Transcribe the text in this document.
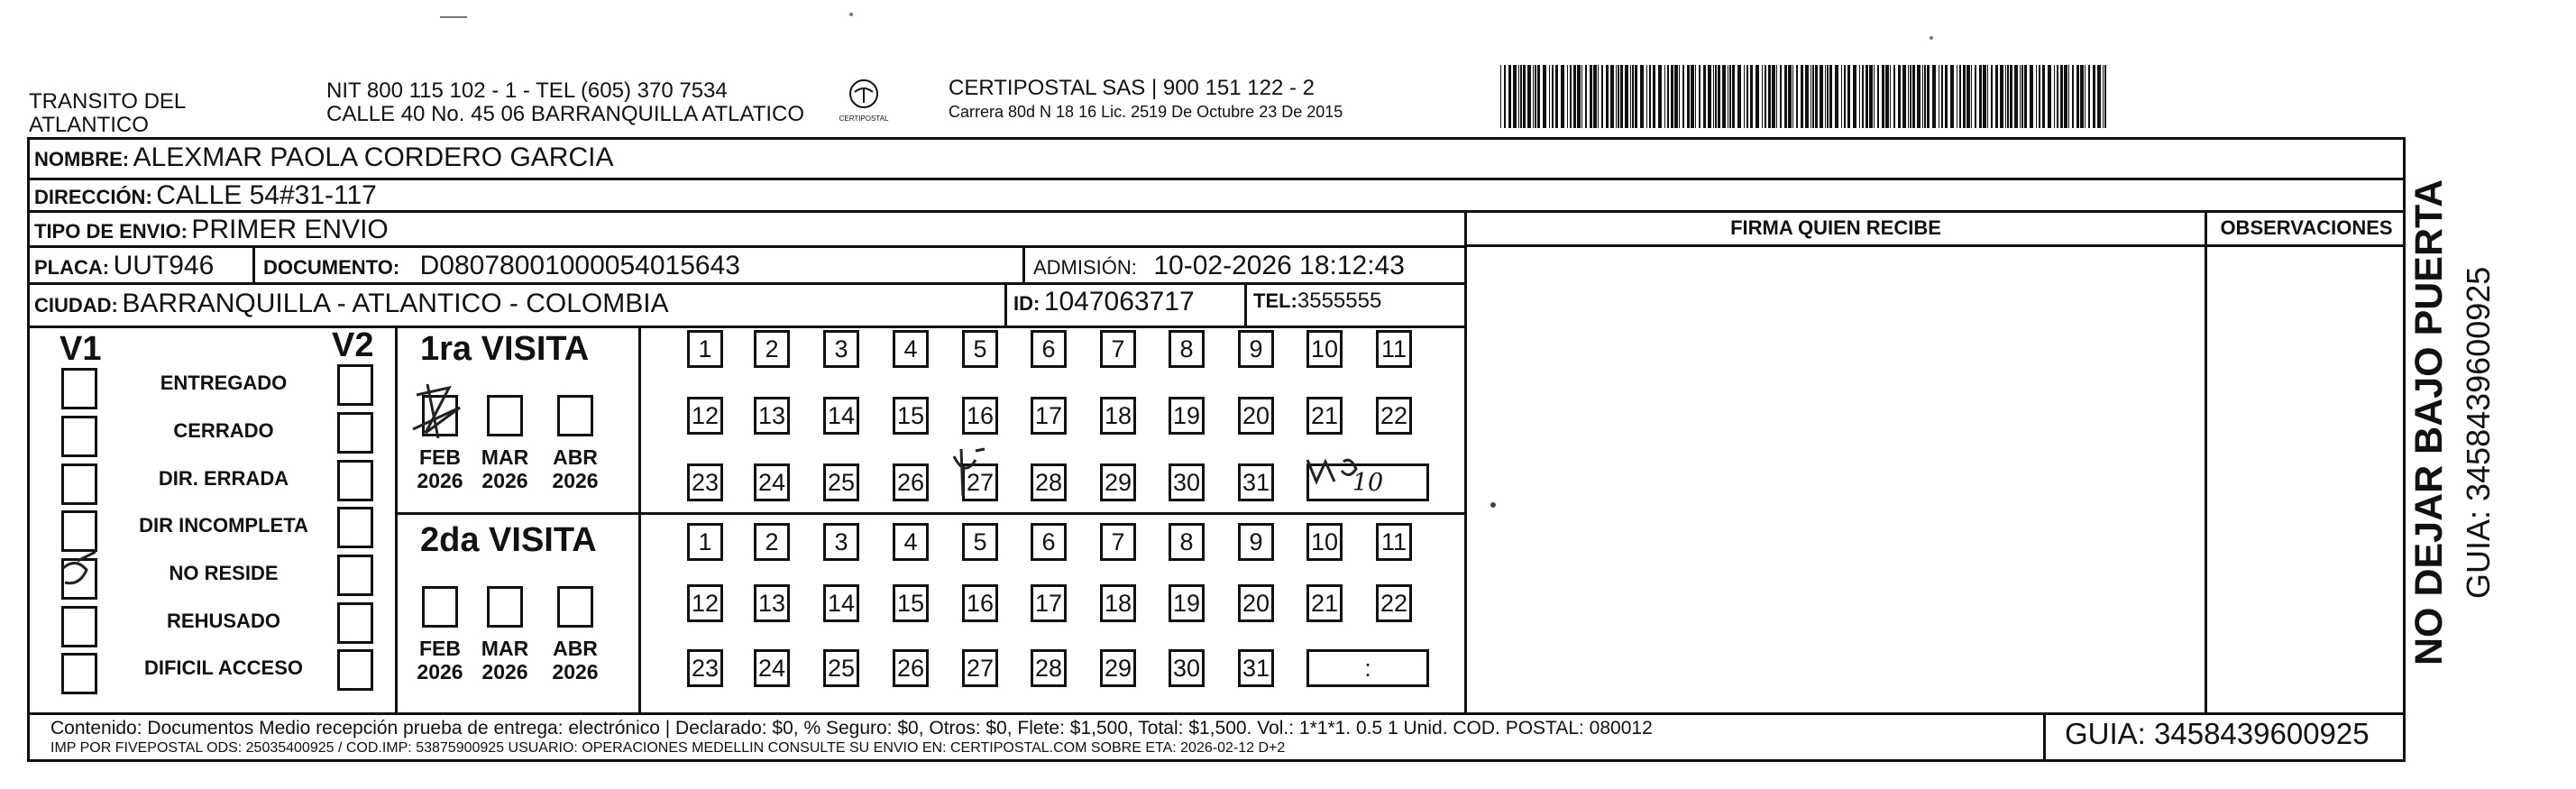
TRANSITO DEL
ATLANTICO
NIT 800 115 102 - 1 - TEL (605) 370 7534
CALLE 40 No. 45 06 BARRANQUILLA ATLATICO	CERTIPOSTAL
CERTIPOSTAL SAS | 900 151 122 - 2
Carrera 80d N 18 16 Lic. 2519 De Octubre 23 De 2015
NOMBRE: ALEXMAR PAOLA CORDERO GARCIA
DIRECCIÓN: CALLE 54#31-117
TIPO DE ENVIO: PRIMER ENVIO
PLACA: UUT946 DOCUMENTO: D08078001000054015643	ADMISIÓN: 10-02-2026 18:12:43
CIUDAD: BARRANQUILLA - ATLANTICO - COLOMBIA	ID: 1047063717	TEL:3555555
FIRMA QUIEN RECIBE	OBSERVACIONES
V1	V2
ENTREGADO
CERRADO
DIR. ERRADA
DIR INCOMPLETA
NO RESIDE
REHUSADO
DIFICIL ACCESO
1ra VISITA
2da VISITA
FEB
2026
MAR
2026
ABR
2026
FEB
2026
MAR
2026
ABR
2026
1	2	3	4	5	6	7	8	9	10 11
12 13 14 15 16 17 18 19 20 21 22
23 24 25 26 27 28 29 30 31	10
1	2	3	4	5	6	7	8	9	10 11
12 13 14 15 16 17 18 19 20 21 22
23 24 25 26 27 28 29 30 31	:
Contenido: Documentos Medio recepción prueba de entrega: electrónico | Declarado: $0, % Seguro: $0, Otros: $0, Flete: $1,500, Total: $1,500. Vol.: 1*1*1. 0.5 1 Unid. COD. POSTAL: 080012
IMP POR FIVEPOSTAL ODS: 25035400925 / COD.IMP: 53875900925 USUARIO: OPERACIONES MEDELLIN CONSULTE SU ENVIO EN: CERTIPOSTAL.COM SOBRE ETA: 2026-02-12 D+2	GUIA: 3458439600925
NO DEJAR BAJO PUERTA GUIA: 3458439600925
